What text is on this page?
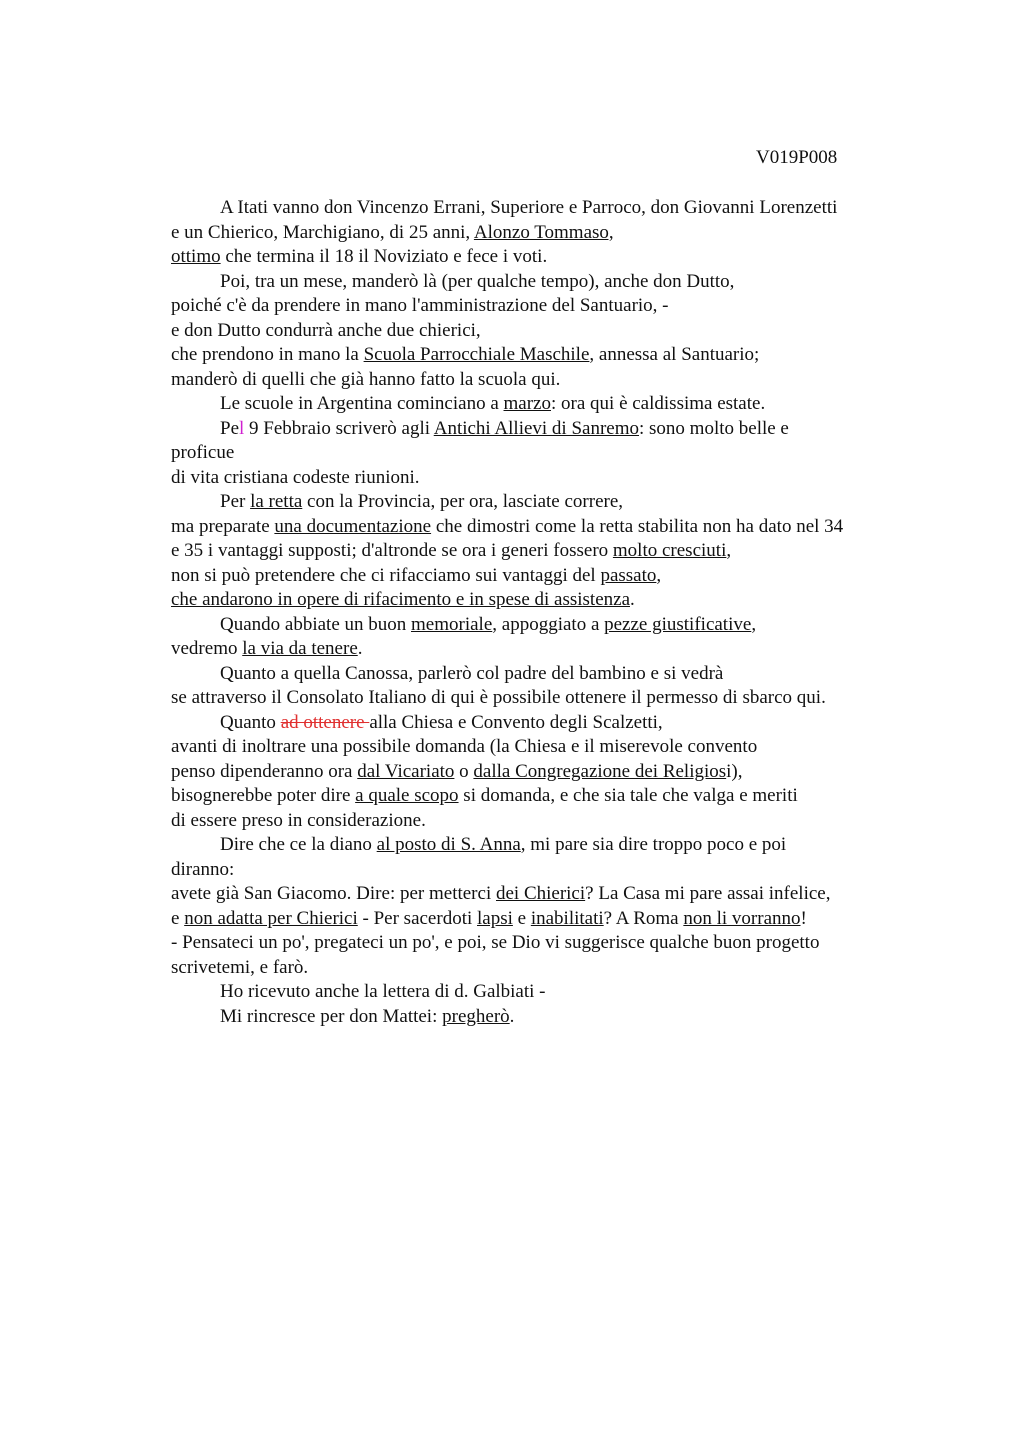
V019P008
A Itati vanno don Vincenzo Errani, Superiore e Parroco, don Giovanni Lorenzetti
e un Chierico, Marchigiano, di 25 anni, Alonzo Tommaso,
ottimo che termina il 18 il Noviziato e fece i voti.
Poi, tra un mese, manderò là (per qualche tempo), anche don Dutto,
poiché c'è da prendere in mano l'amministrazione del Santuario, -
e don Dutto condurrà anche due chierici,
che prendono in mano la Scuola Parrocchiale Maschile, annessa al Santuario;
manderò di quelli che già hanno fatto la scuola qui.
Le scuole in Argentina cominciano a marzo: ora qui è caldissima estate.
Pel 9 Febbraio scriverò agli Antichi Allievi di Sanremo: sono molto belle e
proficue
di vita cristiana codeste riunioni.
Per la retta con la Provincia, per ora, lasciate correre,
ma preparate una documentazione che dimostri come la retta stabilita non ha dato nel 34
e 35 i vantaggi supposti; d'altronde se ora i generi fossero molto cresciuti,
non si può pretendere che ci rifacciamo sui vantaggi del passato,
che andarono in opere di rifacimento e in spese di assistenza.
Quando abbiate un buon memoriale, appoggiato a pezze giustificative,
vedremo la via da tenere.
Quanto a quella Canossa, parlerò col padre del bambino e si vedrà
se attraverso il Consolato Italiano di qui è possibile ottenere il permesso di sbarco qui.
Quanto ad ottenere alla Chiesa e Convento degli Scalzetti,
avanti di inoltrare una possibile domanda (la Chiesa e il miserevole convento
penso dipenderanno ora dal Vicariato o dalla Congregazione dei Religiosi),
bisognerebbe poter dire a quale scopo si domanda, e che sia tale che valga e meriti
di essere preso in considerazione.
Dire che ce la diano al posto di S. Anna, mi pare sia dire troppo poco e poi
diranno:
avete già San Giacomo. Dire: per metterci dei Chierici? La Casa mi pare assai infelice,
e non adatta per Chierici - Per sacerdoti lapsi e inabilitati? A Roma non li vorranno!
- Pensateci un po', pregateci un po', e poi, se Dio vi suggerisce qualche buon progetto
scrivetemi, e farò.
Ho ricevuto anche la lettera di d. Galbiati -
Mi rincresce per don Mattei: pregherò.
